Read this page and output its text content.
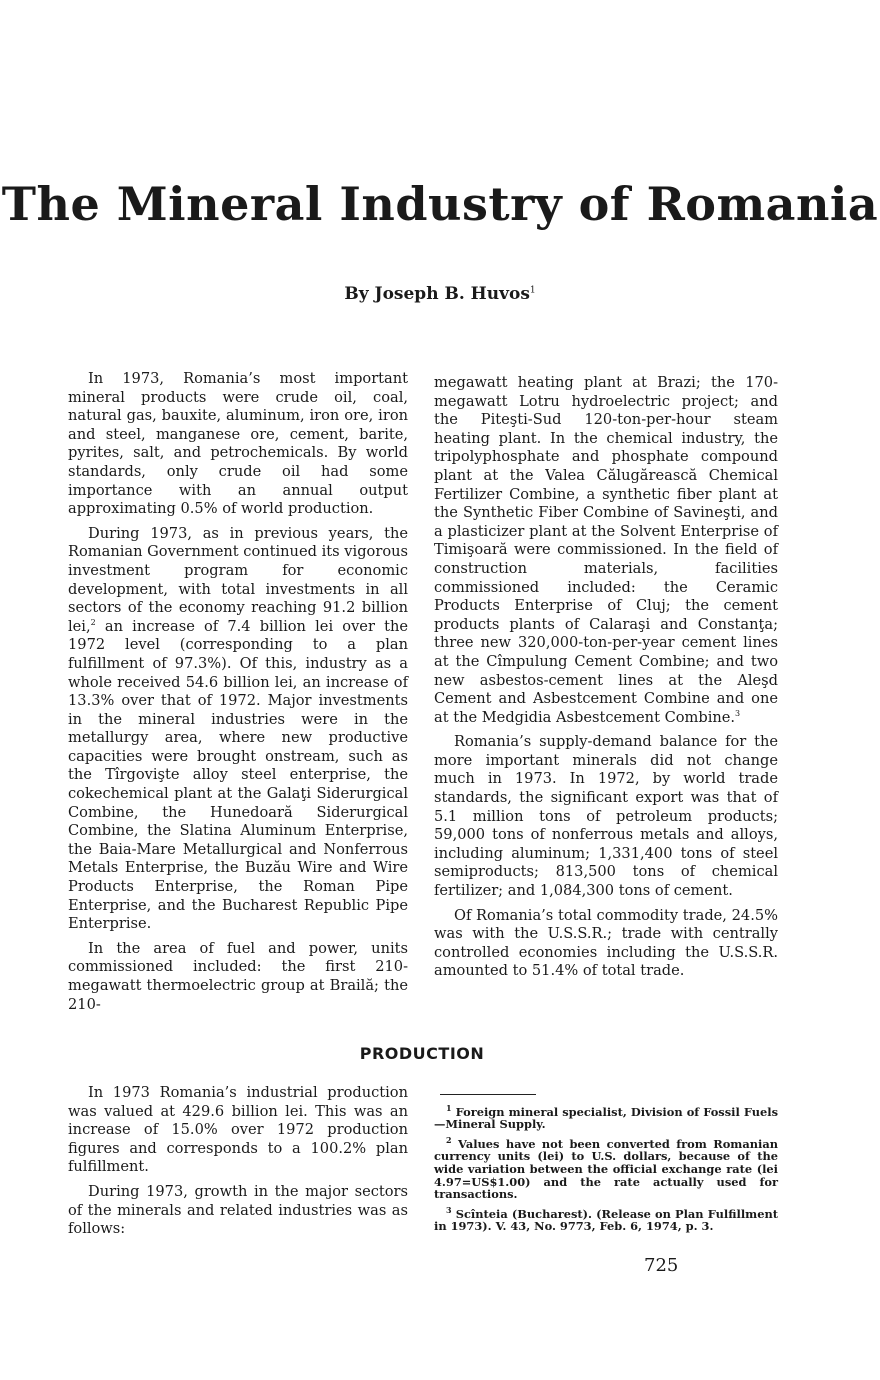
The Mineral Industry of Romania

By Joseph B. Huvos$^1$

In 1973, Romania’s most important mineral products were crude oil, coal, natural gas, bauxite, aluminum, iron ore, iron and steel, manganese ore, cement, barite, pyrites, salt, and petrochemicals. By world standards, only crude oil had some importance with an annual output approximating 0.5% of world production.

During 1973, as in previous years, the Romanian Government continued its vigorous investment program for economic development, with total investments in all sectors of the economy reaching 91.2 billion lei,$^2$ an increase of 7.4 billion lei over the 1972 level (corresponding to a plan fulfillment of 97.3%). Of this, industry as a whole received 54.6 billion lei, an increase of 13.3% over that of 1972. Major investments in the mineral industries were in the metallurgy area, where new productive capacities were brought onstream, such as the Tîrgovişte alloy steel enterprise, the cokechemical plant at the Galaţi Siderurgical Combine, the Hunedoară Siderurgical Combine, the Slatina Aluminum Enterprise, the Baia-Mare Metallurgical and Nonferrous Metals Enterprise, the Buzău Wire and Wire Products Enterprise, the Roman Pipe Enterprise, and the Bucharest Republic Pipe Enterprise.

In the area of fuel and power, units commissioned included: the first 210-megawatt thermoelectric group at Brailă; the 210-

megawatt heating plant at Brazi; the 170-megawatt Lotru hydroelectric project; and the Piteşti-Sud 120-ton-per-hour steam heating plant. In the chemical industry, the tripolyphosphate and phosphate compound plant at the Valea Călugărească Chemical Fertilizer Combine, a synthetic fiber plant at the Synthetic Fiber Combine of Savineşti, and a plasticizer plant at the Solvent Enterprise of Timişoară were commissioned. In the field of construction materials, facilities commissioned included: the Ceramic Products Enterprise of Cluj; the cement products plants of Calaraşi and Constanţa; three new 320,000-ton-per-year cement lines at the Cîmpulung Cement Combine; and two new asbestos-cement lines at the Aleşd Cement and Asbestcement Combine and one at the Medgidia Asbestcement Combine.$^3$

Romania’s supply-demand balance for the more important minerals did not change much in 1973. In 1972, by world trade standards, the significant export was that of 5.1 million tons of petroleum products; 59,000 tons of nonferrous metals and alloys, including aluminum; 1,331,400 tons of steel semiproducts; 813,500 tons of chemical fertilizer; and 1,084,300 tons of cement.

Of Romania’s total commodity trade, 24.5% was with the U.S.S.R.; trade with centrally controlled economies including the U.S.S.R. amounted to 51.4% of total trade.

PRODUCTION

In 1973 Romania’s industrial production was valued at 429.6 billion lei. This was an increase of 15.0% over 1972 production figures and corresponds to a 100.2% plan fulfillment.

During 1973, growth in the major sectors of the minerals and related industries was as follows:

$^1$ Foreign mineral specialist, Division of Fossil Fuels—Mineral Supply.

$^2$ Values have not been converted from Romanian currency units (lei) to U.S. dollars, because of the wide variation between the official exchange rate (lei 4.97=US$1.00) and the rate actually used for transactions.

$^3$ Scînteia (Bucharest). (Release on Plan Fulfillment in 1973). V. 43, No. 9773, Feb. 6, 1974, p. 3.

725
